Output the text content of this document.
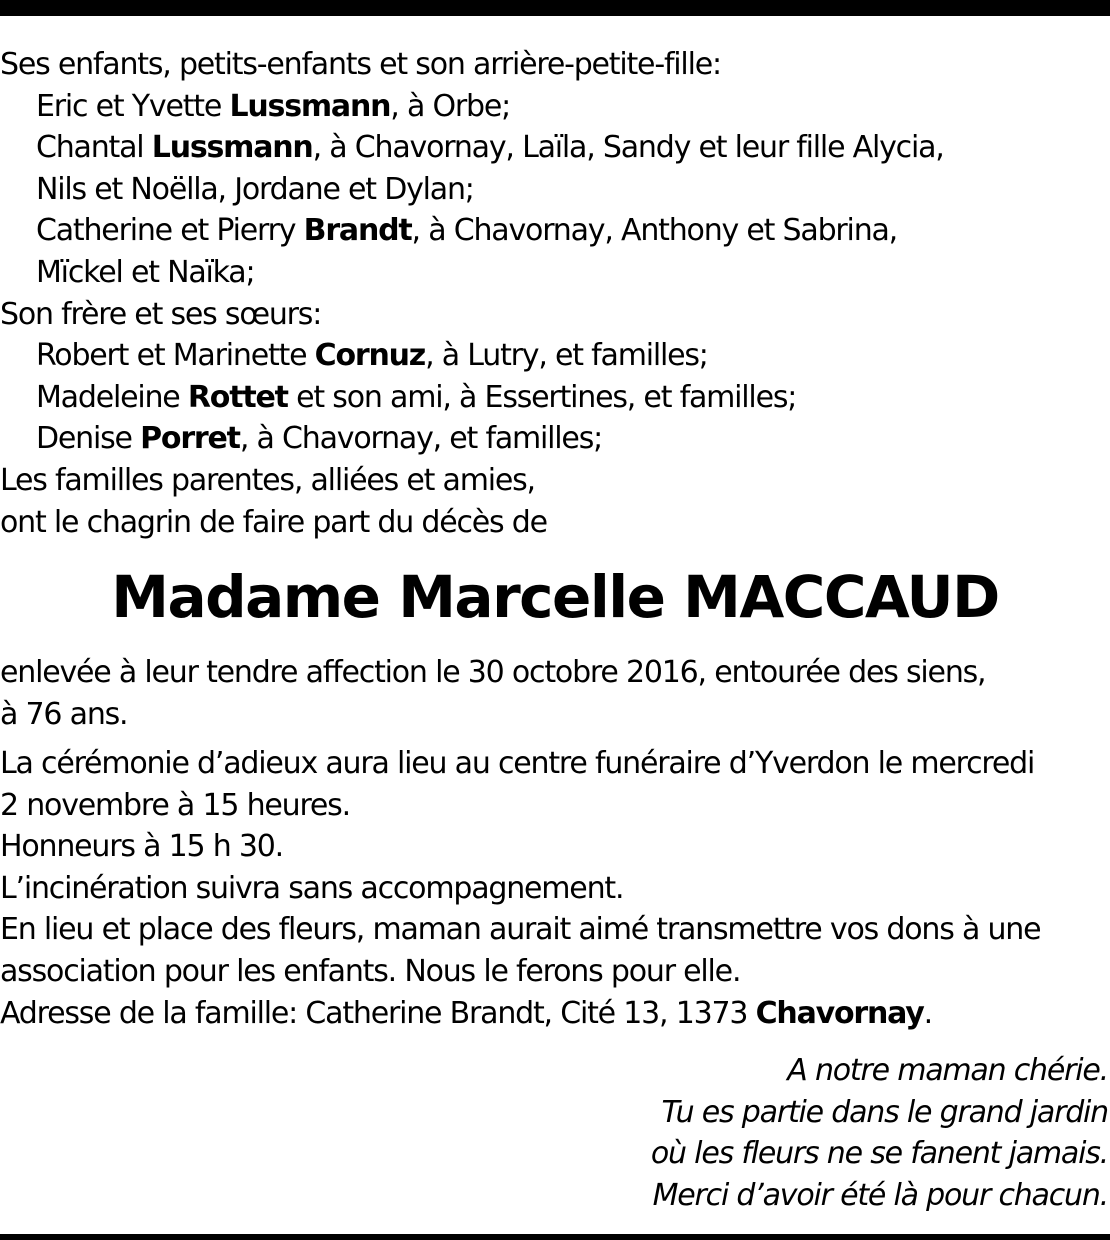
Ses enfants, petits-enfants et son arrière-petite-fille:
Eric et Yvette Lussmann, à Orbe;
Chantal Lussmann, à Chavornay, Laïla, Sandy et leur fille Alycia,
Nils et Noëlla, Jordane et Dylan;
Catherine et Pierry Brandt, à Chavornay, Anthony et Sabrina,
Mïckel et Naïka;
Son frère et ses sœurs:
Robert et Marinette Cornuz, à Lutry, et familles;
Madeleine Rottet et son ami, à Essertines, et familles;
Denise Porret, à Chavornay, et familles;
Les familles parentes, alliées et amies,
ont le chagrin de faire part du décès de
Madame Marcelle MACCAUD
enlevée à leur tendre affection le 30 octobre 2016, entourée des siens,
à 76 ans.
La cérémonie d’adieux aura lieu au centre funéraire d’Yverdon le mercredi
2 novembre à 15 heures.
Honneurs à 15 h 30.
L’incinération suivra sans accompagnement.
En lieu et place des fleurs, maman aurait aimé transmettre vos dons à une
association pour les enfants. Nous le ferons pour elle.
Adresse de la famille: Catherine Brandt, Cité 13, 1373 Chavornay.
A notre maman chérie.
Tu es partie dans le grand jardin
où les fleurs ne se fanent jamais.
Merci d’avoir été là pour chacun.
